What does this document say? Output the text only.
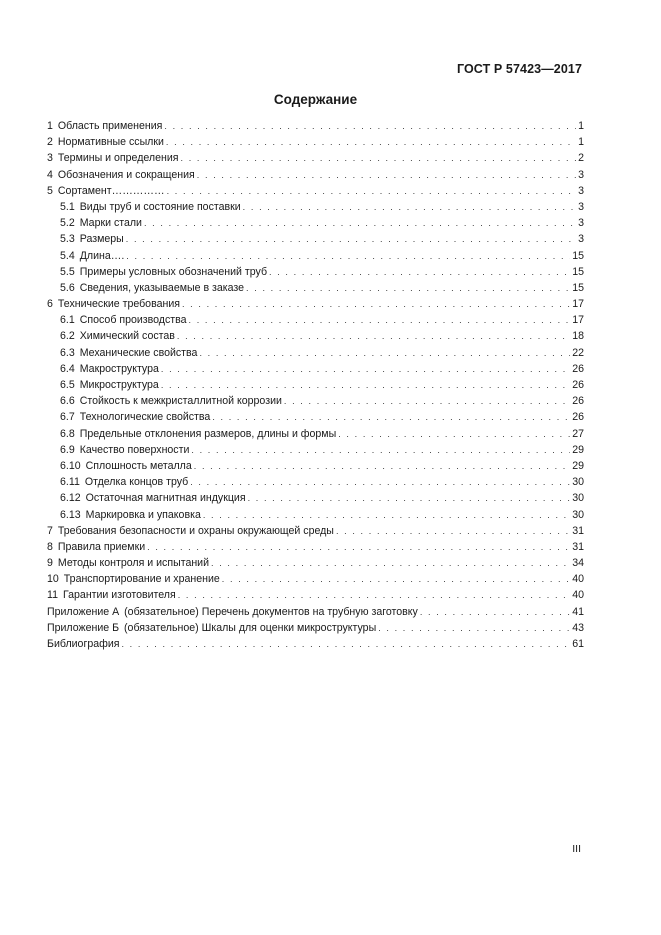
ГОСТ Р 57423—2017
Содержание
1 Область применения . . .	1
2 Нормативные ссылки . . .	1
3 Термины и определения . . .	2
4 Обозначения и сокращения . . .	3
5 Сортамент…………… . . .	3
5.1 Виды труб и состояние поставки . . .	3
5.2 Марки стали . . .	3
5.3 Размеры . . .	3
5.4 Длина…. . . .	15
5.5 Примеры условных обозначений труб . . .	15
5.6 Сведения, указываемые в заказе . . .	15
6 Технические требования . . .	17
6.1 Способ производства . . .	17
6.2 Химический состав . . .	18
6.3 Механические свойства . . .	22
6.4 Макроструктура . . .	26
6.5 Микроструктура . . .	26
6.6 Стойкость к межкристаллитной коррозии . . .	26
6.7 Технологические свойства . . .	26
6.8 Предельные отклонения размеров, длины и формы . . .	27
6.9 Качество поверхности . . .	29
6.10 Сплошность металла . . .	29
6.11 Отделка концов труб . . .	30
6.12 Остаточная магнитная индукция . . .	30
6.13 Маркировка и упаковка . . .	30
7 Требования безопасности и охраны окружающей среды . . .	31
8 Правила приемки . . .	31
9 Методы контроля и испытаний . . .	34
10 Транспортирование и хранение . . .	40
11 Гарантии изготовителя . . .	40
Приложение А (обязательное) Перечень документов на трубную заготовку . . .	41
Приложение Б (обязательное) Шкалы для оценки микроструктуры . . .	43
Библиография . . .	61
III
